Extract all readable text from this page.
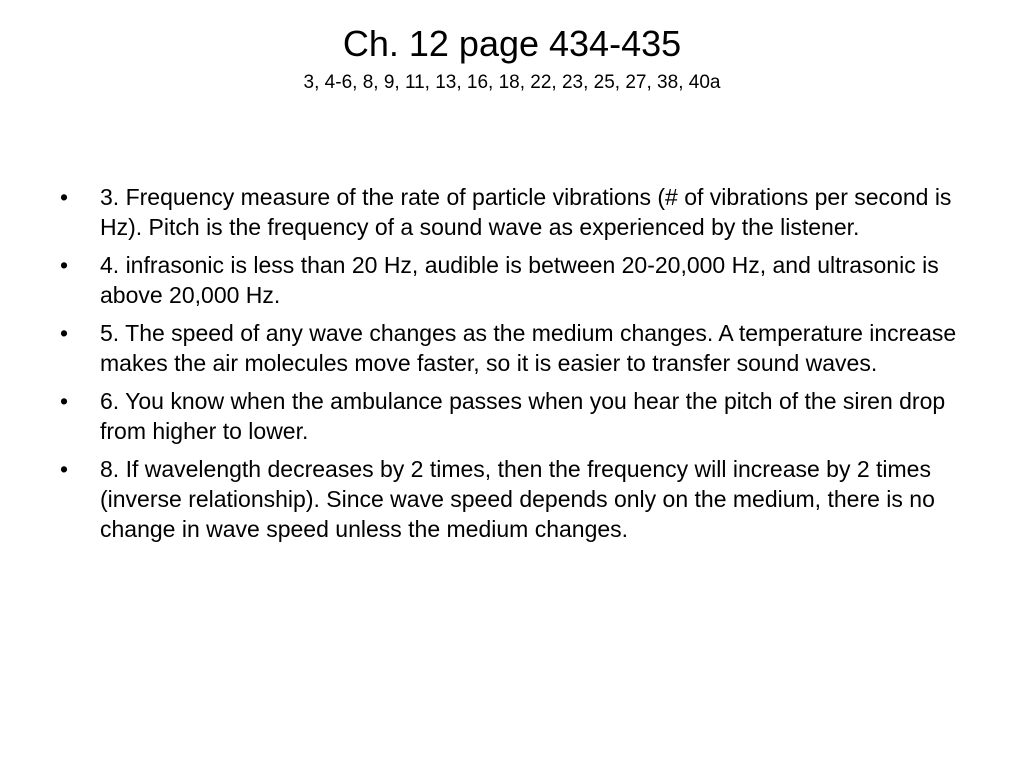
Ch. 12 page 434-435
3, 4-6, 8, 9, 11, 13, 16, 18, 22, 23, 25, 27, 38, 40a
• 3. Frequency measure of the rate of particle vibrations (# of vibrations per second is Hz). Pitch is the frequency of a sound wave as experienced by the listener.
• 4. infrasonic is less than 20 Hz, audible is between 20-20,000 Hz, and ultrasonic is above 20,000 Hz.
• 5. The speed of any wave changes as the medium changes. A temperature increase makes the air molecules move faster, so it is easier to transfer sound waves.
• 6. You know when the ambulance passes when you hear the pitch of the siren drop from higher to lower.
• 8. If wavelength decreases by 2 times, then the frequency will increase by 2 times (inverse relationship). Since wave speed depends only on the medium, there is no change in wave speed unless the medium changes.
